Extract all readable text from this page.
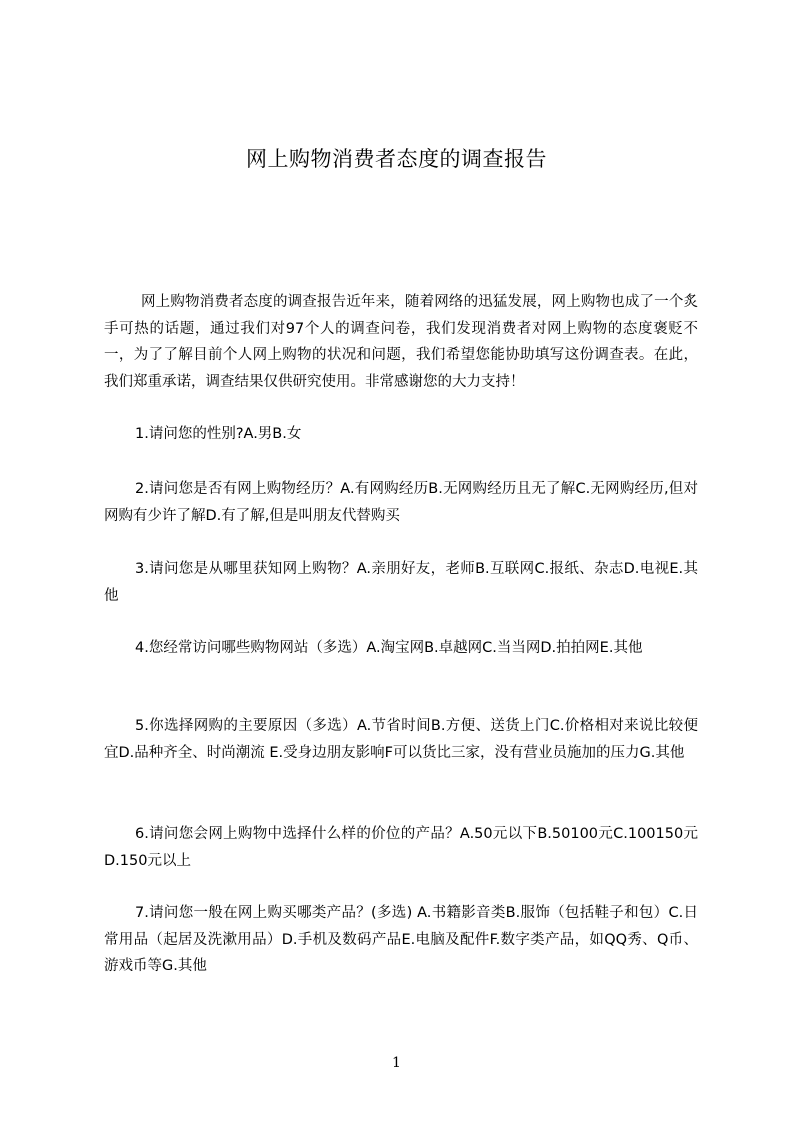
网上购物消费者态度的调查报告

网上购物消费者态度的调查报告近年来，随着网络的迅猛发展，网上购物也成了一个炙手可热的话题，通过我们对97个人的调查问卷，我们发现消费者对网上购物的态度褒贬不一，为了了解目前个人网上购物的状况和问题，我们希望您能协助填写这份调查表。在此，我们郑重承诺，调查结果仅供研究使用。非常感谢您的大力支持！

1.请问您的性别?A.男B.女

2.请问您是否有网上购物经历？A.有网购经历B.无网购经历且无了解C.无网购经历,但对网购有少许了解D.有了解,但是叫朋友代替购买

3.请问您是从哪里获知网上购物？A.亲朋好友，老师B.互联网C.报纸、杂志D.电视E.其他

4.您经常访问哪些购物网站（多选）A.淘宝网B.卓越网C.当当网D.拍拍网E.其他

5.你选择网购的主要原因（多选）A.节省时间B.方便、送货上门C.价格相对来说比较便宜D.品种齐全、时尚潮流 E.受身边朋友影响F可以货比三家，没有营业员施加的压力G.其他

6.请问您会网上购物中选择什么样的价位的产品？A.50元以下B.50100元C.100150元D.150元以上

7.请问您一般在网上购买哪类产品？(多选) A.书籍影音类B.服饰（包括鞋子和包）C.日常用品（起居及洗漱用品）D.手机及数码产品E.电脑及配件F.数字类产品，如QQ秀、Q币、游戏币等G.其他

1
